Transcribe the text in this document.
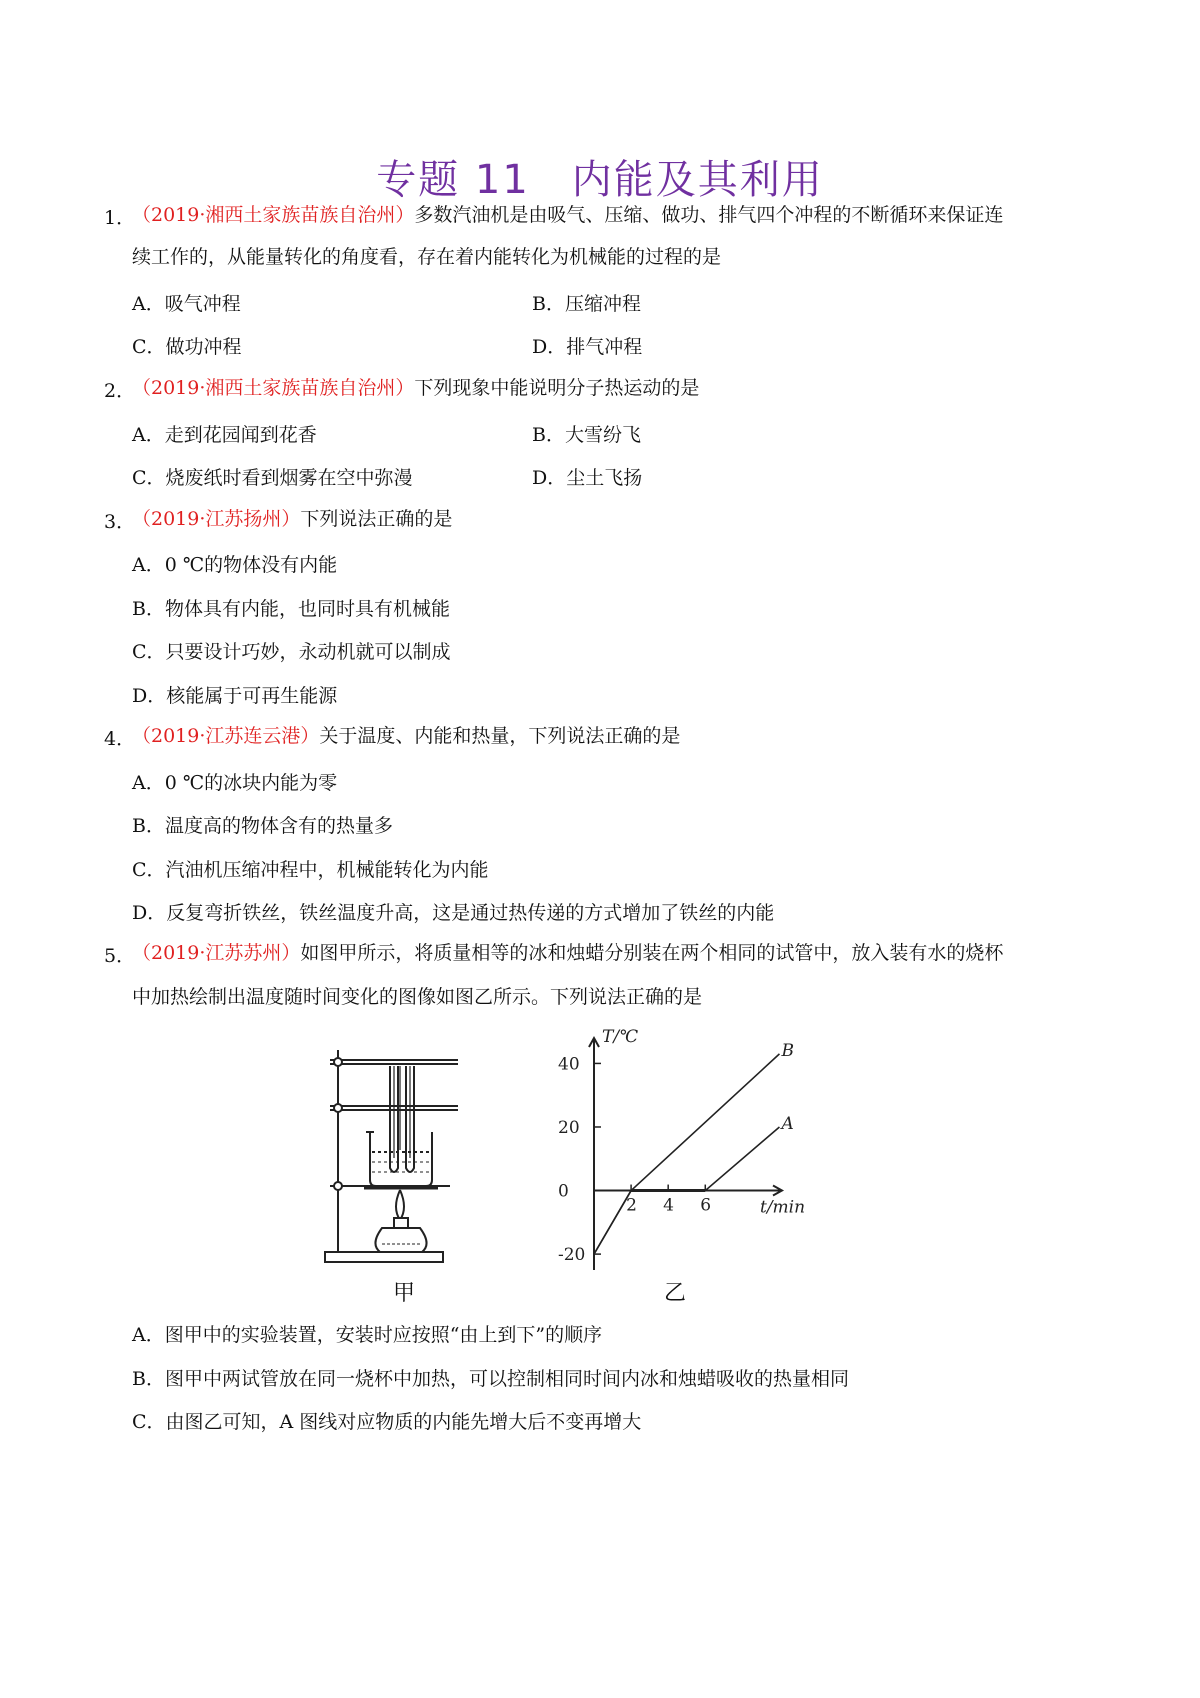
专题 11　内能及其利用
1．
（2019·湘西土家族苗族自治州）多数汽油机是由吸气、压缩、做功、排气四个冲程的不断循环来保证连
续工作的，从能量转化的角度看，存在着内能转化为机械能的过程的是
A．吸气冲程	B．压缩冲程
C．做功冲程	D．排气冲程
2．
（2019·湘西土家族苗族自治州）下列现象中能说明分子热运动的是
A．走到花园闻到花香	B．大雪纷飞
C．烧废纸时看到烟雾在空中弥漫	D．尘土飞扬
3．
（2019·江苏扬州）下列说法正确的是
A．0 ℃的物体没有内能
B．物体具有内能，也同时具有机械能
C．只要设计巧妙，永动机就可以制成
D．核能属于可再生能源
4．
（2019·江苏连云港）关于温度、内能和热量，下列说法正确的是
A．0 ℃的冰块内能为零
B．温度高的物体含有的热量多
C．汽油机压缩冲程中，机械能转化为内能
D．反复弯折铁丝，铁丝温度升高，这是通过热传递的方式增加了铁丝的内能
5．
（2019·江苏苏州）如图甲所示，将质量相等的冰和烛蜡分别装在两个相同的试管中，放入装有水的烧杯
中加热绘制出温度随时间变化的图像如图乙所示。下列说法正确的是
甲
40
20
0
-20
2 4 6
T/℃
t/min
A
B
乙
A．图甲中的实验装置，安装时应按照“由上到下”的顺序
B．图甲中两试管放在同一烧杯中加热，可以控制相同时间内冰和烛蜡吸收的热量相同
C．由图乙可知，A 图线对应物质的内能先增大后不变再增大
